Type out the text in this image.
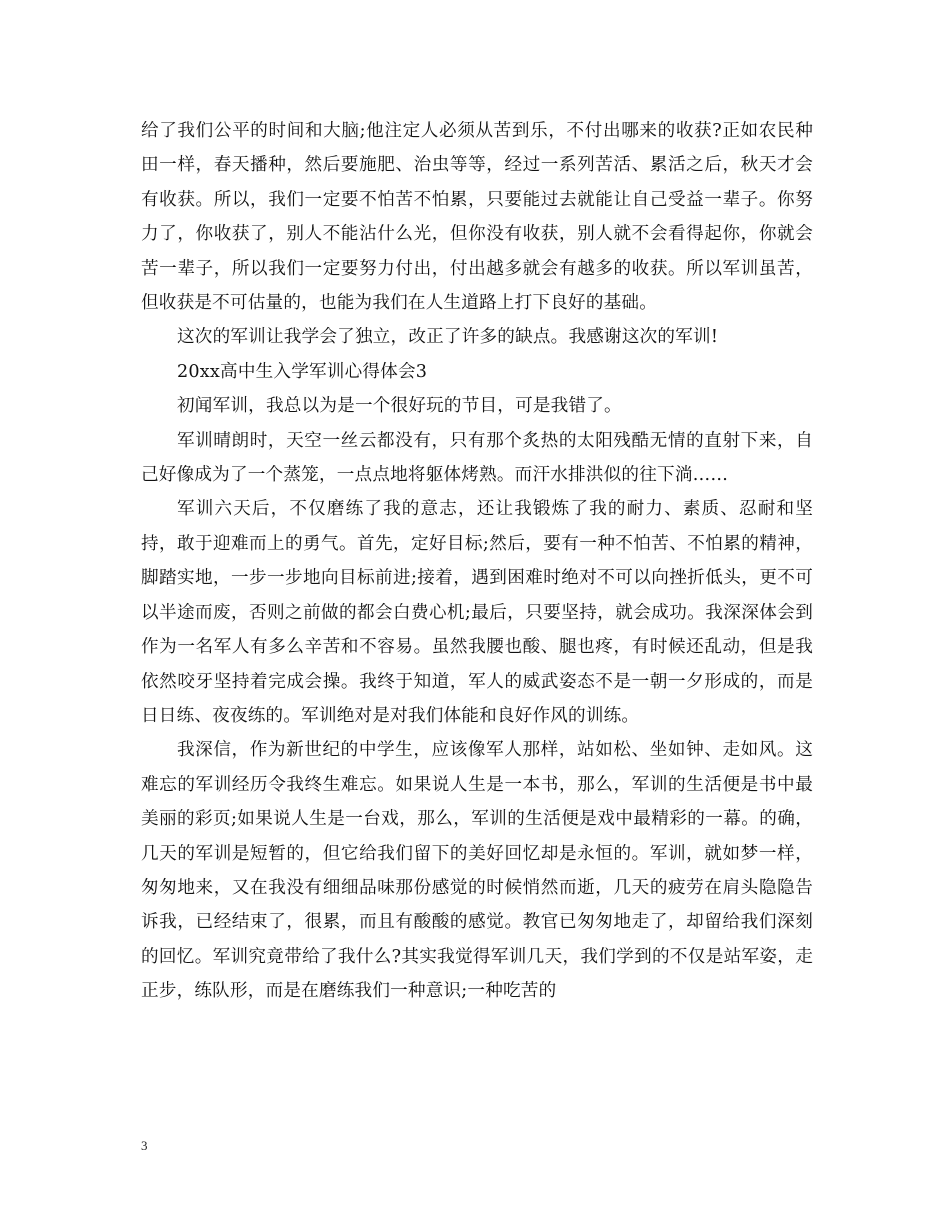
给了我们公平的时间和大脑;他注定人必须从苦到乐，不付出哪来的收获?正如农民种田一样，春天播种，然后要施肥、治虫等等，经过一系列苦活、累活之后，秋天才会有收获。所以，我们一定要不怕苦不怕累，只要能过去就能让自己受益一辈子。你努力了，你收获了，别人不能沾什么光，但你没有收获，别人就不会看得起你，你就会苦一辈子，所以我们一定要努力付出，付出越多就会有越多的收获。所以军训虽苦，但收获是不可估量的，也能为我们在人生道路上打下良好的基础。

这次的军训让我学会了独立，改正了许多的缺点。我感谢这次的军训!

20xx高中生入学军训心得体会3

初闻军训，我总以为是一个很好玩的节目，可是我错了。

军训晴朗时，天空一丝云都没有，只有那个炙热的太阳残酷无情的直射下来，自己好像成为了一个蒸笼，一点点地将躯体烤熟。而汗水排洪似的往下淌……

军训六天后，不仅磨练了我的意志，还让我锻炼了我的耐力、素质、忍耐和坚持，敢于迎难而上的勇气。首先，定好目标;然后，要有一种不怕苦、不怕累的精神，脚踏实地，一步一步地向目标前进;接着，遇到困难时绝对不可以向挫折低头，更不可以半途而废，否则之前做的都会白费心机;最后，只要坚持，就会成功。我深深体会到作为一名军人有多么辛苦和不容易。虽然我腰也酸、腿也疼，有时候还乱动，但是我依然咬牙坚持着完成会操。我终于知道，军人的威武姿态不是一朝一夕形成的，而是日日练、夜夜练的。军训绝对是对我们体能和良好作风的训练。

我深信，作为新世纪的中学生，应该像军人那样，站如松、坐如钟、走如风。这难忘的军训经历令我终生难忘。如果说人生是一本书，那么，军训的生活便是书中最美丽的彩页;如果说人生是一台戏，那么，军训的生活便是戏中最精彩的一幕。的确，几天的军训是短暂的，但它给我们留下的美好回忆却是永恒的。军训，就如梦一样，匆匆地来，又在我没有细细品味那份感觉的时候悄然而逝，几天的疲劳在肩头隐隐告诉我，已经结束了，很累，而且有酸酸的感觉。教官已匆匆地走了，却留给我们深刻的回忆。军训究竟带给了我什么?其实我觉得军训几天，我们学到的不仅是站军姿，走正步，练队形，而是在磨练我们一种意识;一种吃苦的

3
